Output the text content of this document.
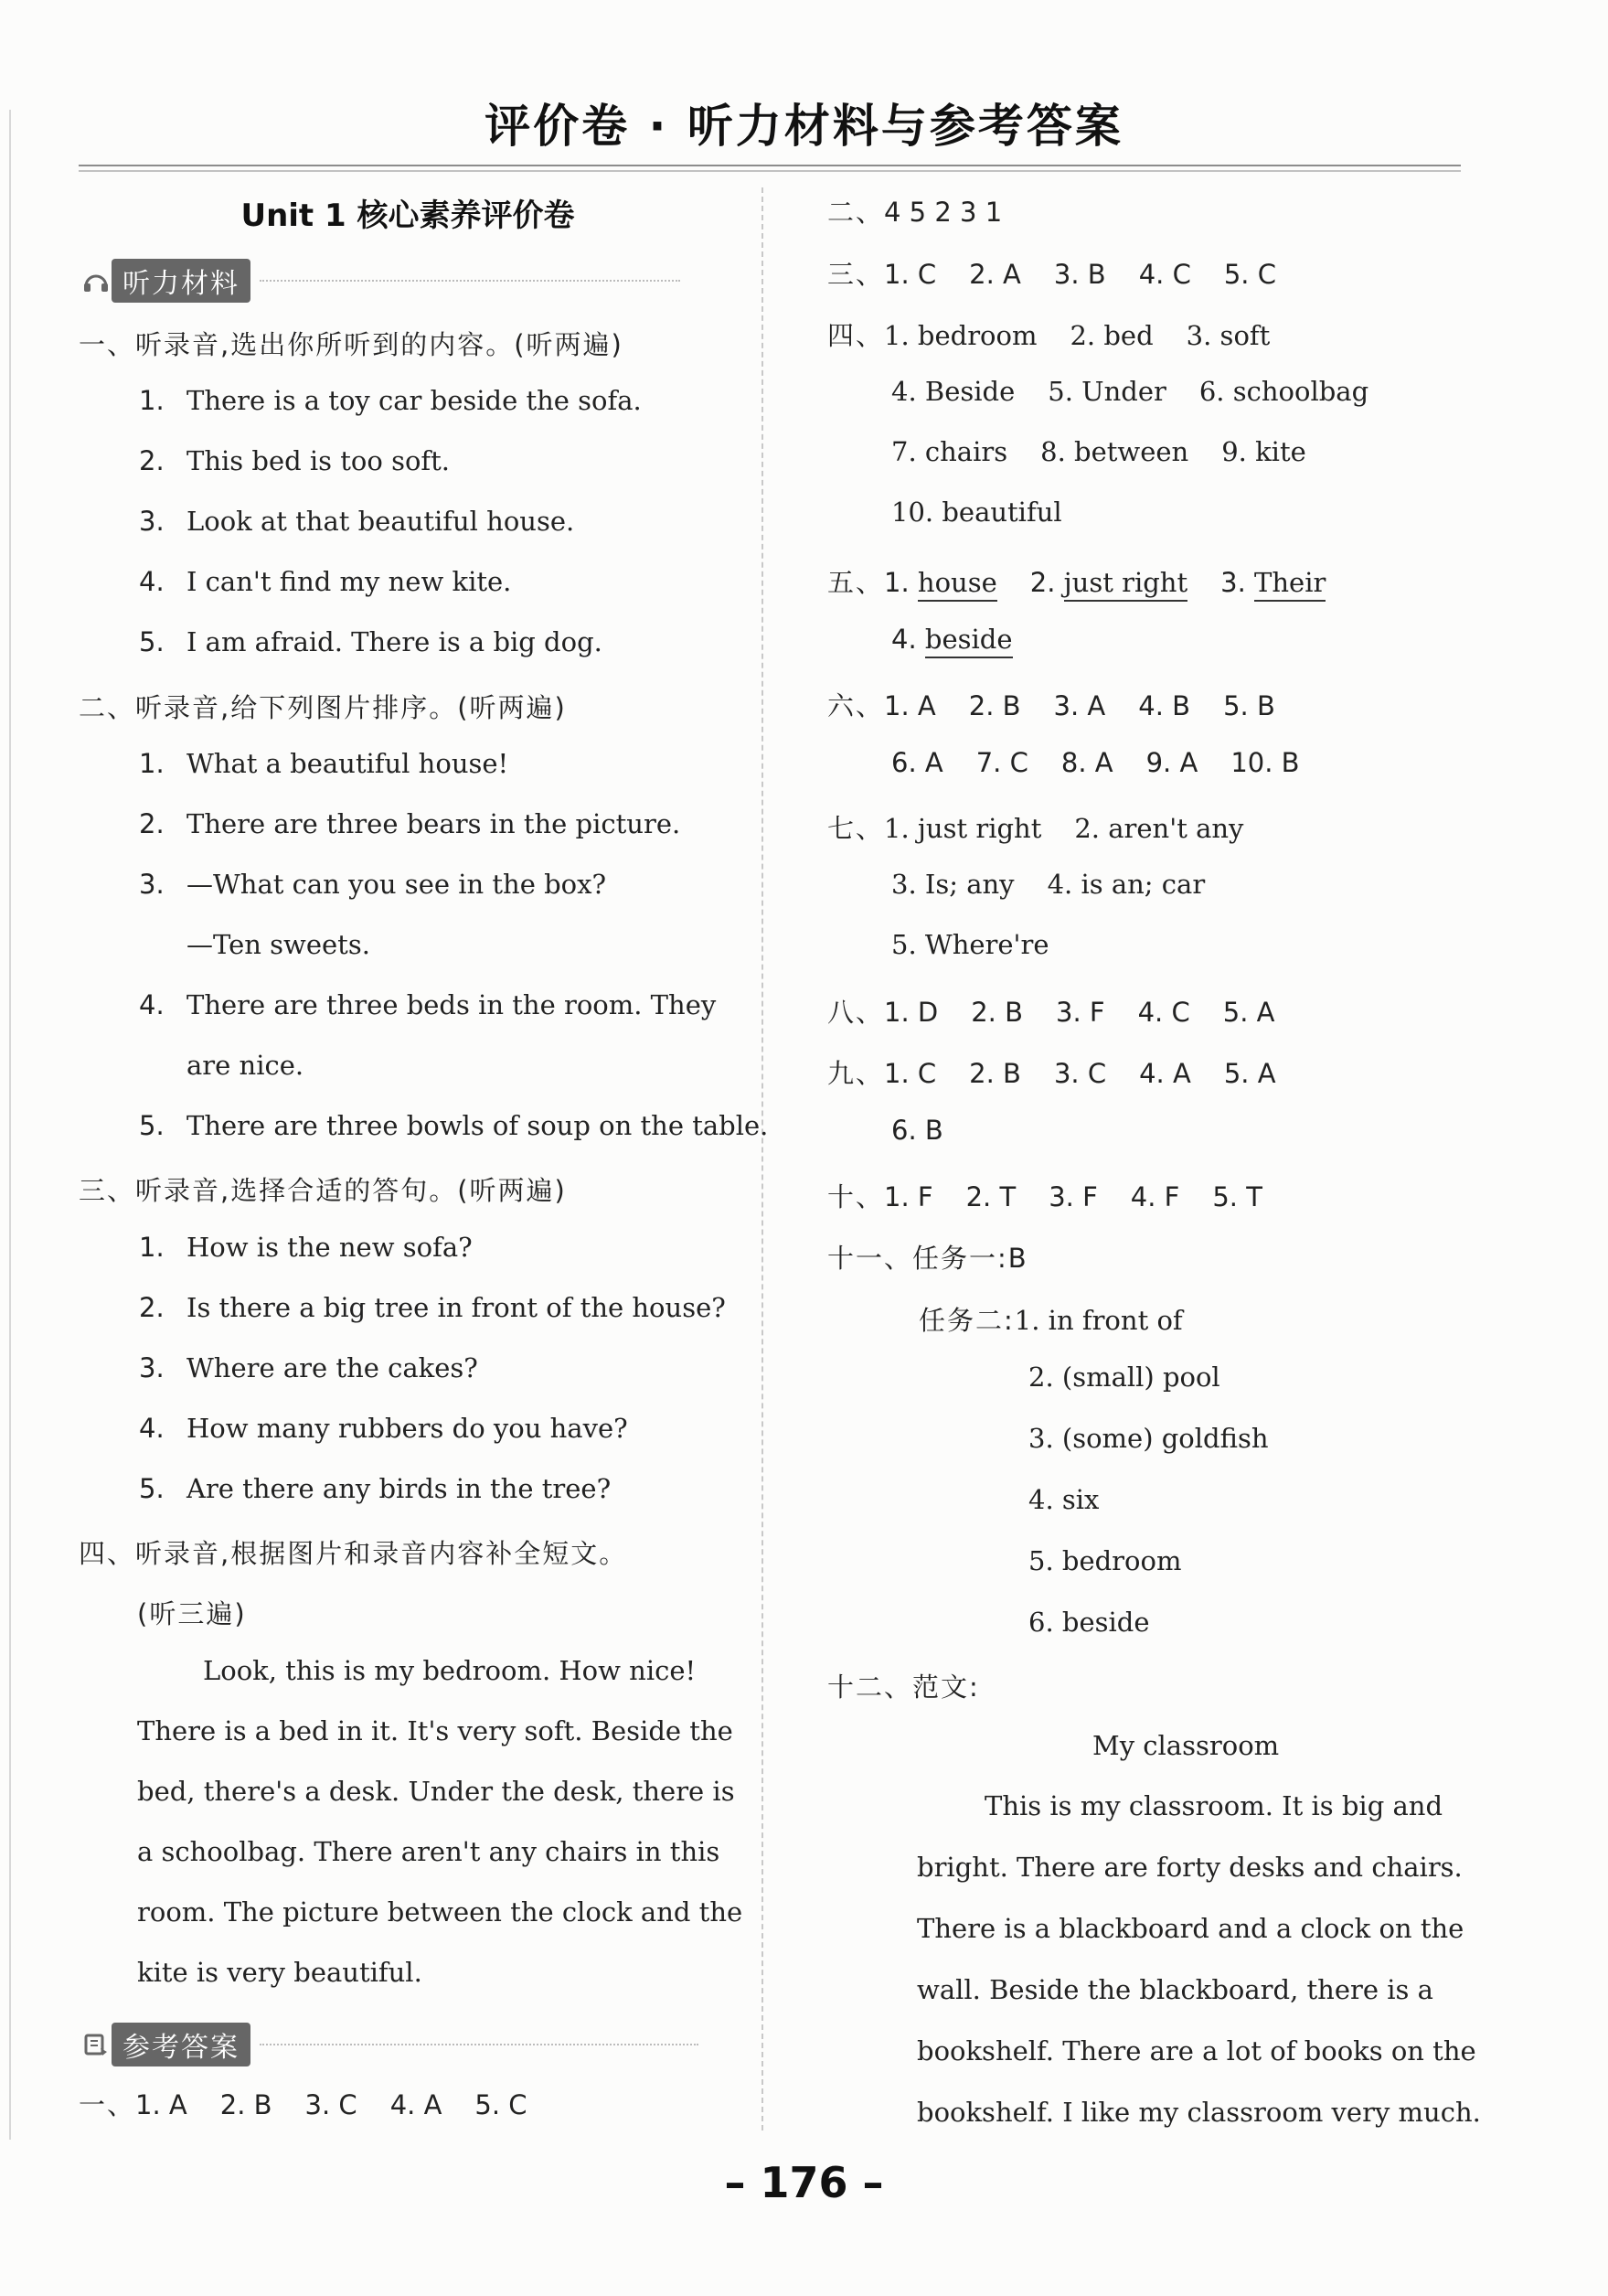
评价卷 · 听力材料与参考答案
Unit 1 核心素养评价卷
听力材料
参考答案
– 176 –
一、听录音,选出你所听到的内容。(听两遍)
1. There is a toy car beside the sofa.
2. This bed is too soft.
3. Look at that beautiful house.
4. I can't find my new kite.
5. I am afraid. There is a big dog.
二、听录音,给下列图片排序。(听两遍)
1. What a beautiful house!
2. There are three bears in the picture.
3. —What can you see in the box?
—Ten sweets.
4. There are three beds in the room. They
are nice.
5. There are three bowls of soup on the table.
三、听录音,选择合适的答句。(听两遍)
1. How is the new sofa?
2. Is there a big tree in front of the house?
3. Where are the cakes?
4. How many rubbers do you have?
5. Are there any birds in the tree?
四、听录音,根据图片和录音内容补全短文。
(听三遍)
Look, this is my bedroom. How nice!
There is a bed in it. It's very soft. Beside the
bed, there's a desk. Under the desk, there is
a schoolbag. There aren't any chairs in this
room. The picture between the clock and the
kite is very beautiful.
一、1. A 2. B 3. C 4. A 5. C
二、4 5 2 3 1
三、1. C 2. A 3. B 4. C 5. C
四、1. bedroom 2. bed 3. soft
4. Beside 5. Under 6. schoolbag
7. chairs 8. between 9. kite
10. beautiful
五、1. house 2. just right 3. Their
4. beside
六、1. A 2. B 3. A 4. B 5. B
6. A 7. C 8. A 9. A 10. B
七、1. just right 2. aren't any
3. Is; any 4. is an; car
5. Where're
八、1. D 2. B 3. F 4. C 5. A
九、1. C 2. B 3. C 4. A 5. A
6. B
十、1. F 2. T 3. F 4. F 5. T
十一、任务一:B
任务二:1. in front of
2. (small) pool
3. (some) goldfish
4. six
5. bedroom
6. beside
十二、范文:
My classroom
This is my classroom. It is big and
bright. There are forty desks and chairs.
There is a blackboard and a clock on the
wall. Beside the blackboard, there is a
bookshelf. There are a lot of books on the
bookshelf. I like my classroom very much.
